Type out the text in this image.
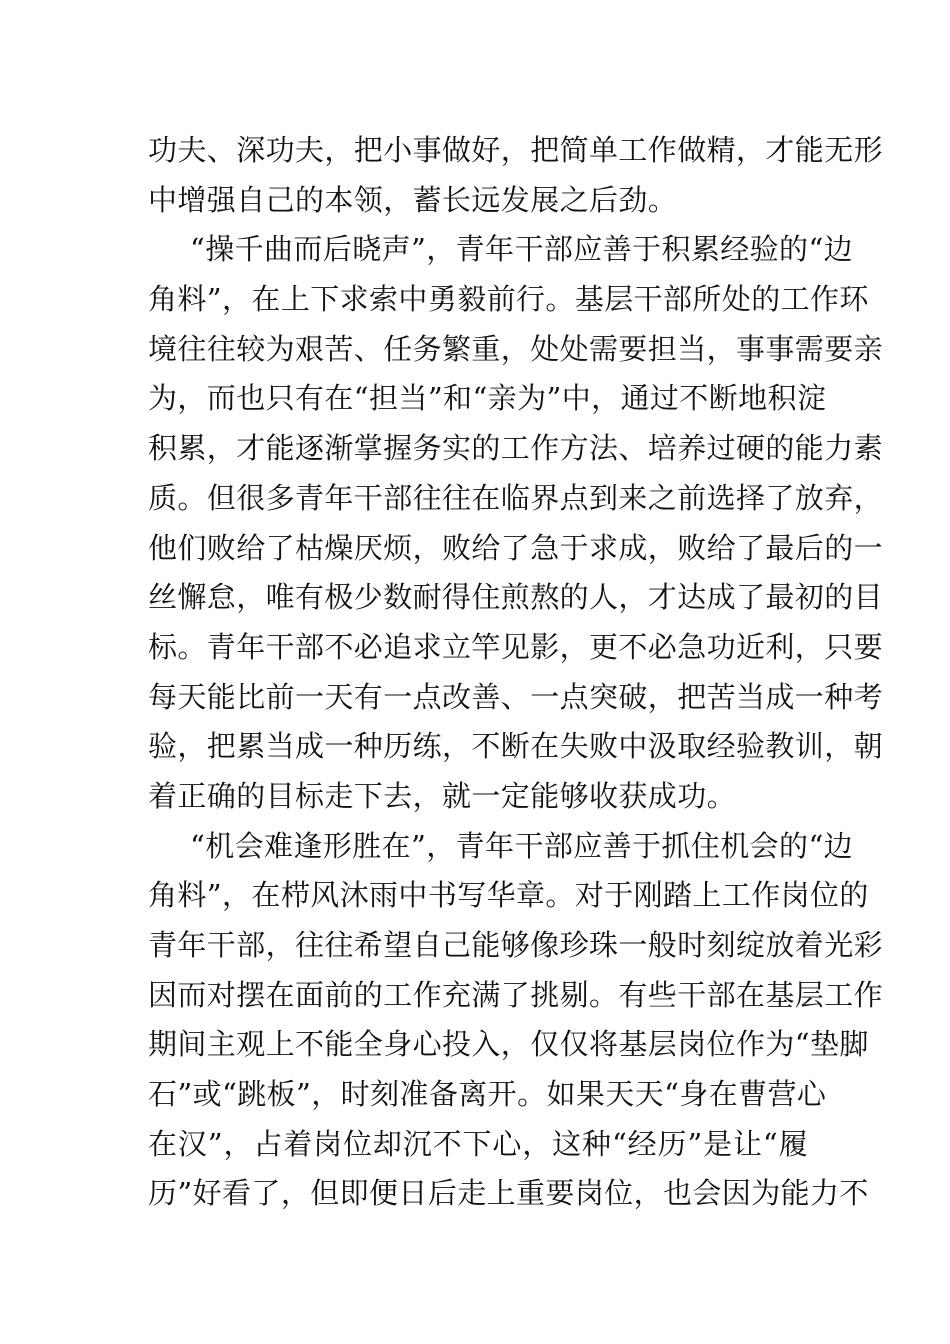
功夫、深功夫，把小事做好，把简单工作做精，才能无形
中增强自己的本领，蓄长远发展之后劲。
“操千曲而后晓声”，青年干部应善于积累经验的“边
角料”，在上下求索中勇毅前行。基层干部所处的工作环
境往往较为艰苦、任务繁重，处处需要担当，事事需要亲
为，而也只有在“担当”和“亲为”中，通过不断地积淀
积累，才能逐渐掌握务实的工作方法、培养过硬的能力素
质。但很多青年干部往往在临界点到来之前选择了放弃，
他们败给了枯燥厌烦，败给了急于求成，败给了最后的一
丝懈怠，唯有极少数耐得住煎熬的人，才达成了最初的目
标。青年干部不必追求立竿见影，更不必急功近利，只要
每天能比前一天有一点改善、一点突破，把苦当成一种考
验，把累当成一种历练，不断在失败中汲取经验教训，朝
着正确的目标走下去，就一定能够收获成功。
“机会难逢形胜在”，青年干部应善于抓住机会的“边
角料”，在栉风沐雨中书写华章。对于刚踏上工作岗位的
青年干部，往往希望自己能够像珍珠一般时刻绽放着光彩
因而对摆在面前的工作充满了挑剔。有些干部在基层工作
期间主观上不能全身心投入，仅仅将基层岗位作为“垫脚
石”或“跳板”，时刻准备离开。如果天天“身在曹营心
在汉”，占着岗位却沉不下心，这种“经历”是让“履
历”好看了，但即便日后走上重要岗位，也会因为能力不
